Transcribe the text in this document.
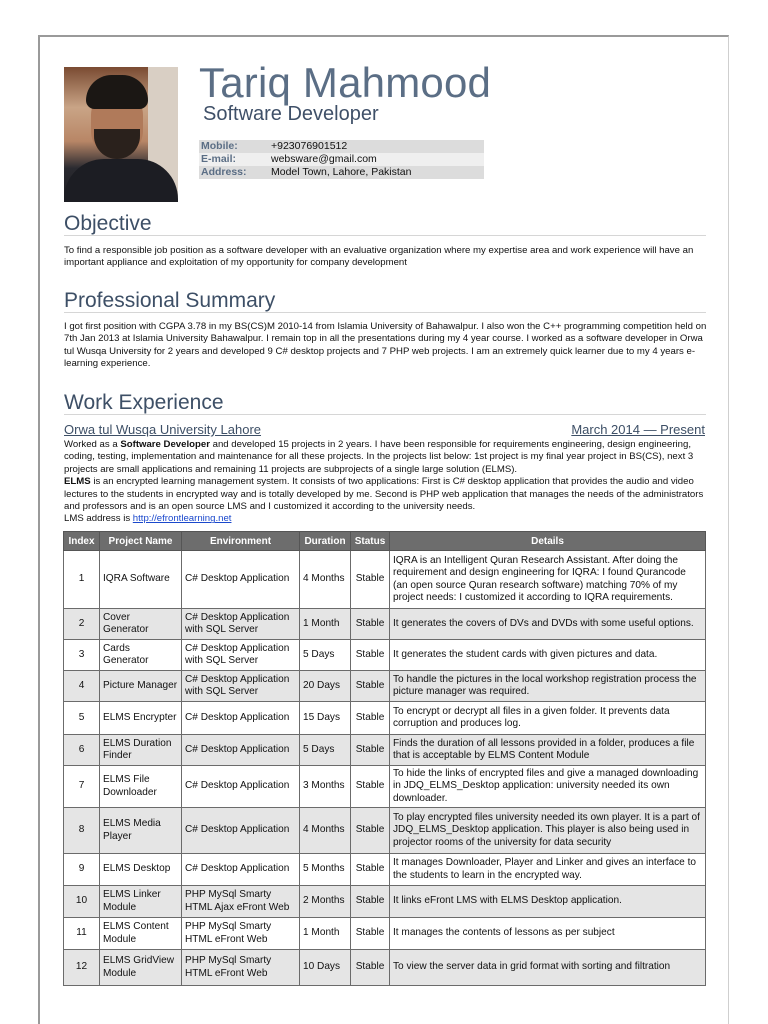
Tariq Mahmood
Software Developer
Mobile:	+923076901512
E-mail:	websware@gmail.com
Address:	Model Town, Lahore, Pakistan
Objective
To find a responsible job position as a software developer with an evaluative organization where my expertise area and work experience will have an important appliance and exploitation of my opportunity for company development
Professional Summary
I got first position with CGPA 3.78 in my BS(CS)M 2010-14 from Islamia University of Bahawalpur. I also won the C++ programming competition held on 7th Jan 2013 at Islamia University Bahawalpur. I remain top in all the presentations during my 4 year course. I worked as a software developer in Orwa tul Wusqa University for 2 years and developed 9 C# desktop projects and 7 PHP web projects. I am an extremely quick learner due to my 4 years e-learning experience.
Work Experience
Orwa tul Wusqa University Lahore	March 2014 — Present
Worked as a Software Developer and developed 15 projects in 2 years. I have been responsible for requirements engineering, design engineering, coding, testing, implementation and maintenance for all these projects. In the projects list below: 1st project is my final year project in BS(CS), next 3 projects are small applications and remaining 11 projects are subprojects of a single large solution (ELMS).
ELMS is an encrypted learning management system. It consists of two applications: First is C# desktop application that provides the audio and video lectures to the students in encrypted way and is totally developed by me. Second is PHP web application that manages the needs of the administrators and professors and is an open source LMS and I customized it according to the university needs.
LMS address is http://efrontlearning.net
Index	Project Name	Environment	Duration	Status	Details
1	IQRA Software	C# Desktop Application	4 Months	Stable	IQRA is an Intelligent Quran Research Assistant. After doing the requirement and design engineering for IQRA: I found Qurancode (an open source Quran research software) matching 70% of my project needs: I customized it according to IQRA requirements.
2	Cover Generator	C# Desktop Application with SQL Server	1 Month	Stable	It generates the covers of DVs and DVDs with some useful options.
3	Cards Generator	C# Desktop Application with SQL Server	5 Days	Stable	It generates the student cards with given pictures and data.
4	Picture Manager	C# Desktop Application with SQL Server	20 Days	Stable	To handle the pictures in the local workshop registration process the picture manager was required.
5	ELMS Encrypter	C# Desktop Application	15 Days	Stable	To encrypt or decrypt all files in a given folder. It prevents data corruption and produces log.
6	ELMS Duration Finder	C# Desktop Application	5 Days	Stable	Finds the duration of all lessons provided in a folder, produces a file that is acceptable by ELMS Content Module
7	ELMS File Downloader	C# Desktop Application	3 Months	Stable	To hide the links of encrypted files and give a managed downloading in JDQ_ELMS_Desktop application: university needed its own downloader.
8	ELMS Media Player	C# Desktop Application	4 Months	Stable	To play encrypted files university needed its own player. It is a part of JDQ_ELMS_Desktop application. This player is also being used in projector rooms of the university for data security
9	ELMS Desktop	C# Desktop Application	5 Months	Stable	It manages Downloader, Player and Linker and gives an interface to the students to learn in the encrypted way.
10	ELMS Linker Module	PHP MySql Smarty HTML Ajax eFront Web	2 Months	Stable	It links eFront LMS with ELMS Desktop application.
11	ELMS Content Module	PHP MySql Smarty HTML eFront Web	1 Month	Stable	It manages the contents of lessons as per subject
12	ELMS GridView Module	PHP MySql Smarty HTML eFront Web	10 Days	Stable	To view the server data in grid format with sorting and filtration
